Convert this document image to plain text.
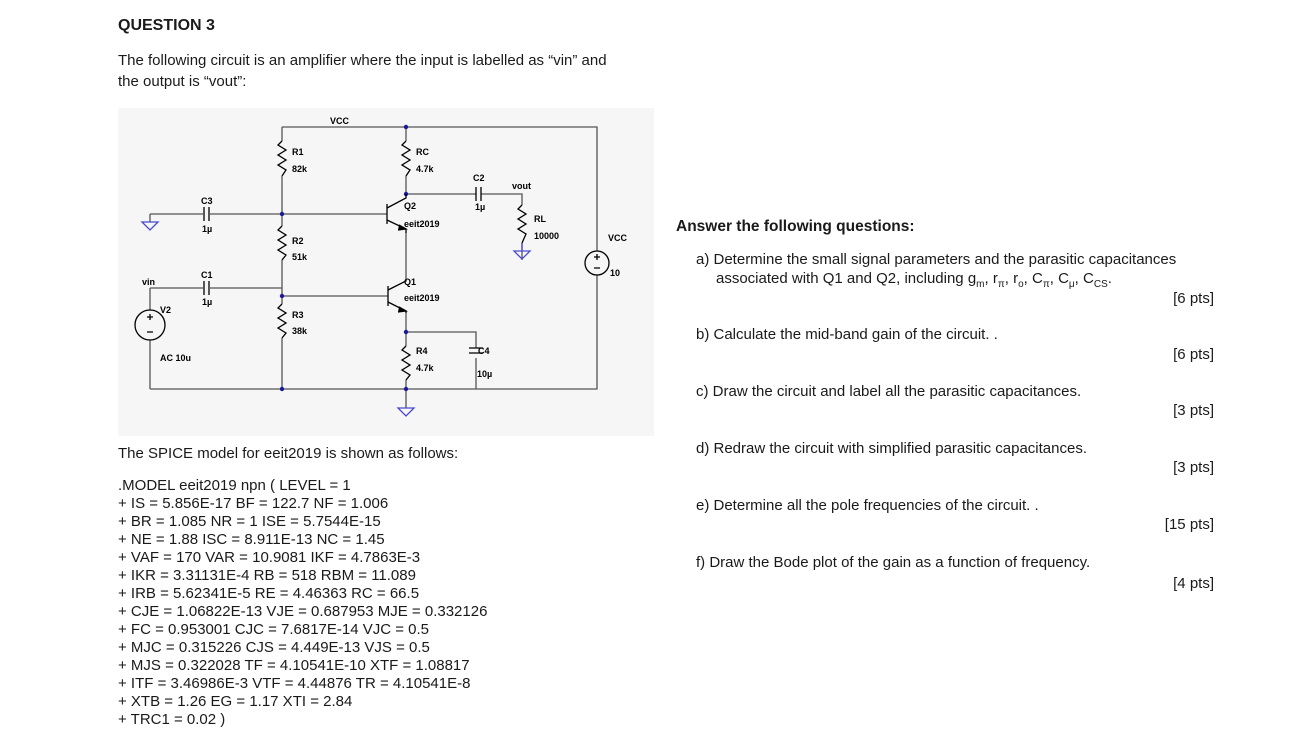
QUESTION 3
The following circuit is an amplifier where the input is labelled as “vin” and
the output is “vout”:
VCC
R1
82k
RC
4.7k
C2
1µ
vout
Q2
eeit2019
C3
1µ
RL
10000	VCC
10
R2
51k
C1
vin
1µ
Q1
eeit2019
V2	R3
38k
R4
4.7k
C4
10µ
AC 10u
The SPICE model for eeit2019 is shown as follows:
.MODEL eeit2019 npn ( LEVEL = 1
+ IS = 5.856E-17 BF = 122.7 NF = 1.006
+ BR = 1.085 NR = 1 ISE = 5.7544E-15
+ NE = 1.88 ISC = 8.911E-13 NC = 1.45
+ VAF = 170 VAR = 10.9081 IKF = 4.7863E-3
+ IKR = 3.31131E-4 RB = 518 RBM = 11.089
+ IRB = 5.62341E-5 RE = 4.46363 RC = 66.5
+ CJE = 1.06822E-13 VJE = 0.687953 MJE = 0.332126
+ FC = 0.953001 CJC = 7.6817E-14 VJC = 0.5
+ MJC = 0.315226 CJS = 4.449E-13 VJS = 0.5
+ MJS = 0.322028 TF = 4.10541E-10 XTF = 1.08817
+ ITF = 3.46986E-3 VTF = 4.44876 TR = 4.10541E-8
+ XTB = 1.26 EG = 1.17 XTI = 2.84
+ TRC1 = 0.02 )
Answer the following questions:
a) Determine the small signal parameters and the parasitic capacitances
associated with Q1 and Q2, including $g_m$, $r_\pi$, $r_o$, $C_\pi$, $C_\mu$, $C_{CS}$.
[6 pts]
b) Calculate the mid-band gain of the circuit. .
[6 pts]
c) Draw the circuit and label all the parasitic capacitances.
[3 pts]
d) Redraw the circuit with simplified parasitic capacitances.
[3 pts]
e) Determine all the pole frequencies of the circuit. .
[15 pts]
f) Draw the Bode plot of the gain as a function of frequency.
[4 pts]
